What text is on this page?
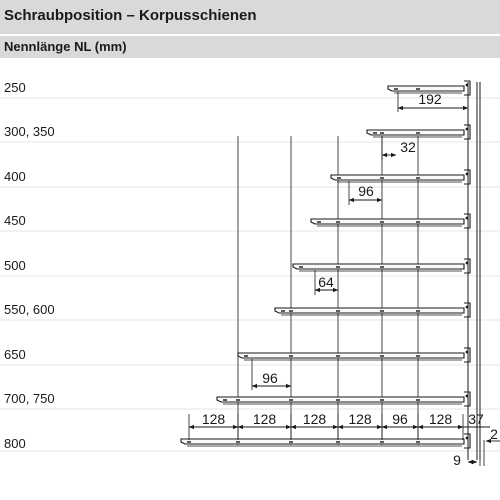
Schraubposition – Korpusschienen
Nennlänge NL (mm)
250
300, 350
400
450
500
550, 600
650
700, 750
800
192
32
96
64
96
128 128 128 128 96 128 37
2
9
